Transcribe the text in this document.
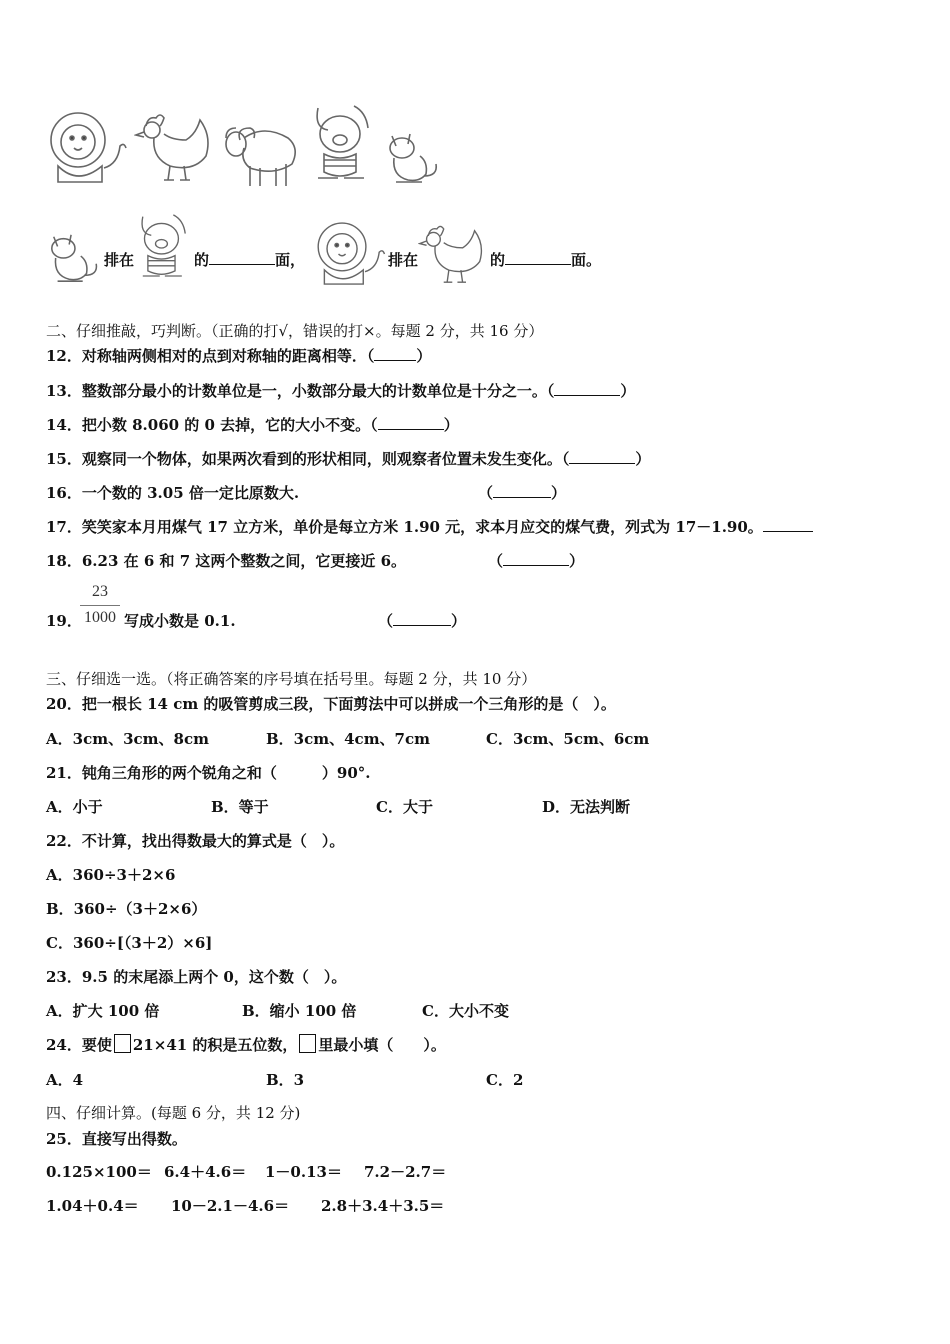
排在	的	面，	排在	的	面。
二、仔细推敲，巧判断。（正确的打√，错误的打×。每题 2 分，共 16 分）
12．对称轴两侧相对的点到对称轴的距离相等．（	）
13．整数部分最小的计数单位是一，小数部分最大的计数单位是十分之一。（	）
14．把小数 8.060 的 0 去掉，它的大小不变。（	）
15．观察同一个物体，如果两次看到的形状相同，则观察者位置未发生变化。（	）
16．一个数的 3.05 倍一定比原数大.	（	）
17．笑笑家本月用煤气 17 立方米，单价是每立方米 1.90 元，求本月应交的煤气费，列式为 17－1.90。
18．6.23 在 6 和 7 这两个整数之间，它更接近 6。	（	）
19．
23
1000 写成小数是 0.1.	（	）
三、仔细选一选。（将正确答案的序号填在括号里。每题 2 分，共 10 分）
20．把一根长 14 cm 的吸管剪成三段，下面剪法中可以拼成一个三角形的是（　）。
A．3cm、3cm、8cm	B．3cm、4cm、7cm	C．3cm、5cm、6cm
21．钝角三角形的两个锐角之和（　　　）90°.
A．小于	B．等于	C．大于	D．无法判断
22．不计算，找出得数最大的算式是（　）。
A．360÷3＋2×6
B．360÷（3＋2×6）
C．360÷[（3＋2）×6]
23．9.5 的末尾添上两个 0，这个数（　）。
A．扩大 100 倍	B．缩小 100 倍	C．大小不变
24．要使 21×41 的积是五位数， 里最小填（　　）。
A．4	B．3	C．2
四、仔细计算。(每题 6 分，共 12 分)
25．直接写出得数。
0.125×100＝ 6.4＋4.6＝ 1－0.13＝ 7.2－2.7＝
1.04＋0.4＝ 10－2.1－4.6＝ 2.8＋3.4＋3.5＝
